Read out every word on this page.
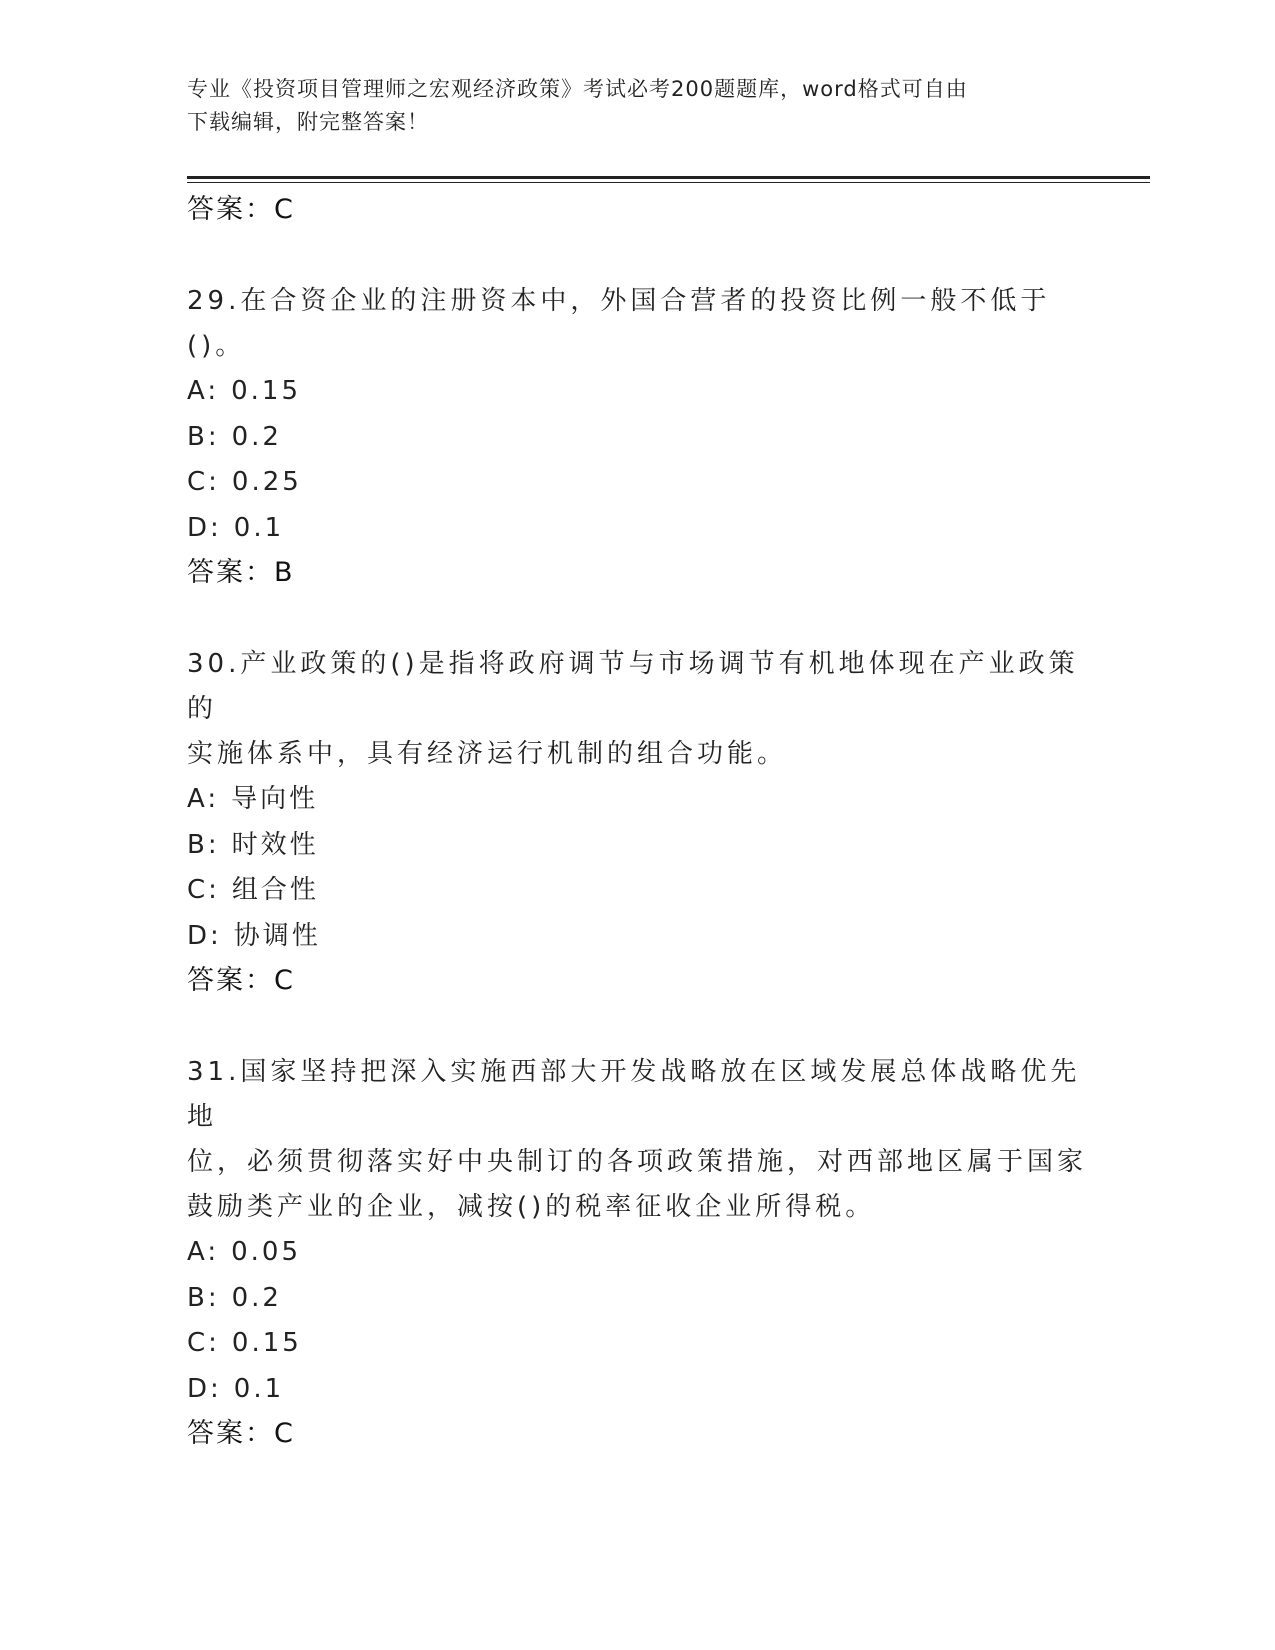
专业《投资项目管理师之宏观经济政策》考试必考200题题库，word格式可自由
下载编辑，附完整答案！
答案：C
29.在合资企业的注册资本中，外国合营者的投资比例一般不低于()。
A: 0.15
B: 0.2
C: 0.25
D: 0.1
答案：B
30.产业政策的()是指将政府调节与市场调节有机地体现在产业政策的
实施体系中，具有经济运行机制的组合功能。
A: 导向性
B: 时效性
C: 组合性
D: 协调性
答案：C
31.国家坚持把深入实施西部大开发战略放在区域发展总体战略优先地
位，必须贯彻落实好中央制订的各项政策措施，对西部地区属于国家
鼓励类产业的企业，减按()的税率征收企业所得税。
A: 0.05
B: 0.2
C: 0.15
D: 0.1
答案：C
